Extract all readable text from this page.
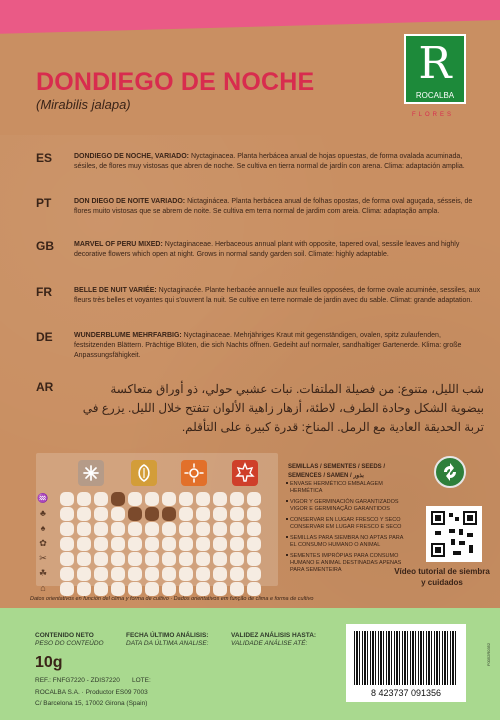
DONDIEGO DE NOCHE
(Mirabilis jalapa)
R
ROCALBA
FLORES
ES	DONDIEGO DE NOCHE, VARIADO: Nyctaginacea. Planta herbácea anual de hojas opuestas, de forma ovalada acuminada, sésiles, de flores muy vistosas que abren de noche. Se cultiva en tierra normal de jardín con arena. Clima: adaptación amplia.
PT	DON DIEGO DE NOITE VARIADO: Nictaginácea. Planta herbácea anual de folhas opostas, de forma oval aguçada, sésseis, de flores muito vistosas que se abrem de noite. Se cultiva em terra normal de jardim com areia. Clima: adaptação ampla.
GB	MARVEL OF PERU MIXED: Nyctaginaceae. Herbaceous annual plant with opposite, tapered oval, sessile leaves and highly decorative flowers which open at night. Grows in normal sandy garden soil. Climate: highly adaptable.
FR	BELLE DE NUIT VARIÉE: Nyctaginacée. Plante herbacée annuelle aux feuilles opposées, de forme ovale acuminée, sessiles, aux fleurs très belles et voyantes qui s'ouvrent la nuit. Se cultive en terre normale de jardin avec du sable. Climat: grande adaptation.
DE	WUNDERBLUME MEHRFARBIG: Nyctaginaceae. Mehrjähriges Kraut mit gegenständigen, ovalen, spitz zulaufenden, festsitzenden Blättern. Prächtige Blüten, die sich Nachts öffnen. Gedeiht auf normaler, sandhaltiger Gartenerde. Klima: große Anpassungsfähigkeit.
AR	شب الليل، متنوع: من فصيلة الملتفات. نبات عشبي حولي، ذو أوراق متعاكسة بيضوية الشكل وحادة الطرف، لاطئة، أزهار زاهية الألوان تتفتح خلال الليل. يزرع في تربة الحديقة العادية مع الرمل. المناخ: قدرة كبيرة على التأقلم.
♒
♣
♠
✿
✂
☘
⌂
SEMILLAS / SEMENTES / SEEDS /
SEMENCES / SAMEN / بذور
ENVASE HERMÉTICO EMBALAGEM HERMÉTICA
VIGOR Y GERMINACIÓN GARANTIZADOS VIGOR E GERMINAÇÃO GARANTIDOS
CONSERVAR EN LUGAR FRESCO Y SECO CONSERVAR EM LUGAR FRESCO E SECO
SEMILLAS PARA SIEMBRA NO APTAS PARA EL CONSUMO HUMANO O ANIMAL
SEMENTES IMPRÓPIAS PARA CONSUMO HUMANO E ANIMAL DESTINADAS APENAS PARA SEMENTEIRA	Vídeo tutorial de siembra y cuidados
Datos orientativos en función del clima y forma de cultivo · Dados orientativos em função de clima e forma de cultivo
CONTENIDO NETO
PESO DO CONTEÚDO
10g
FECHA ÚLTIMO ANÁLISIS:
DATA DA ÚLTIMA ANALISE:
VALIDEZ ANÁLISIS HASTA:
VALIDADE ANÁLISE ATÉ:
REF.: FNFG7220 - ZDIS7220 LOTE:
ROCALBA S.A. · Productor ES09 7003
C/ Barcelona 15, 17002 Girona (Spain)
8 423737 091356
F0052R0352
